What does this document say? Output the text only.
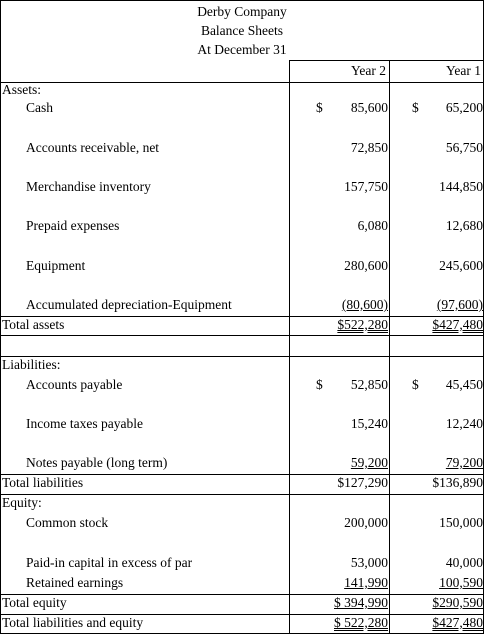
Derby Company
Balance Sheets
At December 31
Year 2	Year 1
Assets:
Cash	$	85,600 $	65,200
Accounts receivable, net	72,850	56,750
Merchandise inventory	157,750	144,850
Prepaid expenses	6,080	12,680
Equipment	280,600	245,600
Accumulated depreciation-Equipment	(80,600)	(97,600)
Total assets	$522,280	$427,480
Liabilities:
Accounts payable	$	52,850 $	45,450
Income taxes payable	15,240	12,240
Notes payable (long term)	59,200	79,200
Total liabilities	$127,290	$136,890
Equity:
Common stock	200,000	150,000
Paid-in capital in excess of par	53,000	40,000
Retained earnings	141,990	100,590
Total equity	$ 394,990	$290,590
Total liabilities and equity	$ 522,280	$427,480
